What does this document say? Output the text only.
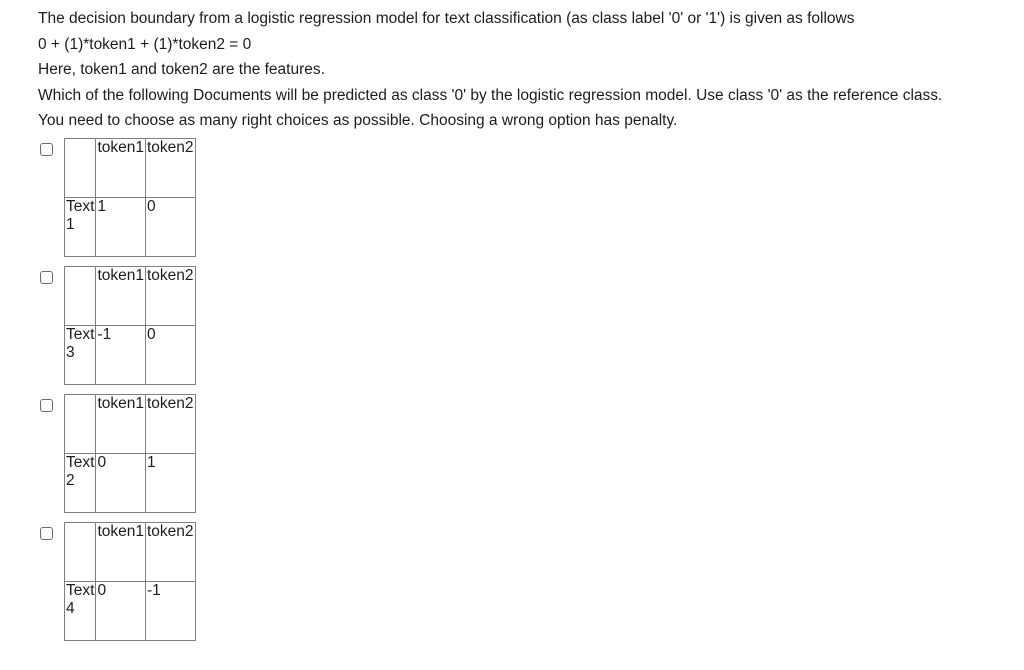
The decision boundary from a logistic regression model for text classification (as class label '0' or '1') is given as follows
0 + (1)*token1 + (1)*token2 = 0
Here, token1 and token2 are the features.
Which of the following Documents will be predicted as class '0' by the logistic regression model. Use class '0' as the reference class.
You need to choose as many right choices as possible. Choosing a wrong option has penalty.
	token1	token2
Text 1	1	0
	token1	token2
Text 3	-1	0
	token1	token2
Text 2	0	1
	token1	token2
Text 4	0	-1
